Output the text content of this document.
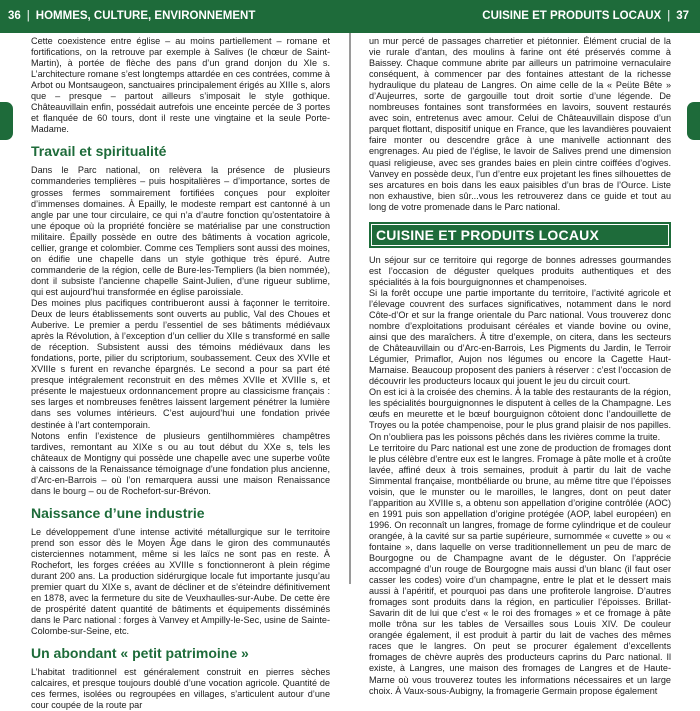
36 | HOMMES, CULTURE, ENVIRONNEMENT	CUISINE ET PRODUITS LOCAUX | 37

Cette coexistence entre église – au moins partiellement – romane et fortifications, on la retrouve par exemple à Salives (le chœur de Saint-Martin), à portée de flèche des pans d’un grand donjon du XIe s. L’architecture romane s’est longtemps attardée en ces contrées, comme à Arbot ou Montsaugeon, sanctuaires principalement érigés au XIIIe s, alors que – presque – partout ailleurs s’imposait le style gothique. Châteauvillain enfin, possédait autrefois une enceinte percée de 3 portes et flanquée de 60 tours, dont il reste une vingtaine et la seule Porte-Madame.

Travail et spiritualité

Dans le Parc national, on relèvera la présence de plusieurs commanderies templières – puis hospitalières – d’importance, sortes de grosses fermes sommairement fortifiées conçues pour exploiter d’immenses domaines. À Epailly, le modeste rempart est cantonné à un angle par une tour circulaire, ce qui n’a d’autre fonction qu’ostentatoire à une époque où la propriété foncière se matérialise par une construction militaire. Épailly possède en outre des bâtiments à vocation agricole, cellier, grange et colombier. Comme ces Templiers sont aussi des moines, on édifie une chapelle dans un style gothique très épuré. Autre commanderie de la région, celle de Bure-les-Templiers (la bien nommée), dont il subsiste l’ancienne chapelle Saint-Julien, d’une rigueur sublime, qui est aujourd’hui transformée en église paroissiale.

Des moines plus pacifiques contribueront aussi à façonner le territoire. Deux de leurs établissements sont ouverts au public, Val des Choues et Auberive. Le premier a perdu l’essentiel de ses bâtiments médiévaux après la Révolution, à l’exception d’un cellier du XIIe s transformé en salle de réception. Subsistent aussi des témoins médiévaux dans les fondations, porte, pilier du scriptorium, soubassement. Ceux des XVIIe et XVIIIe s furent en revanche épargnés. Le second a pour sa part été presque intégralement reconstruit en des mêmes XVIIe et XVIIIe s, et présente le majestueux ordonnancement propre au classicisme français : ses larges et nombreuses fenêtres laissent largement pénétrer la lumière dans ses volumes intérieurs. C’est aujourd’hui une fondation privée destinée à l’art contemporain.

Notons enfin l’existence de plusieurs gentilhommières champêtres tardives, remontant au XIXe s ou au tout début du XXe s, tels les châteaux de Montigny qui possède une chapelle avec une superbe voûte à caissons de la Renaissance témoignage d’une fondation plus ancienne, d’Arc-en-Barrois – où l’on remarquera aussi une maison Renaissance dans le bourg – ou de Rochefort-sur-Brévon.

Naissance d’une industrie

Le développement d’une intense activité métallurgique sur le territoire prend son essor dès le Moyen Âge dans le giron des communautés cisterciennes notamment, même si les laïcs ne sont pas en reste. À Rochefort, les forges créées au XVIIIe s fonctionneront à plein régime durant 200 ans. La production sidérurgique locale fut importante jusqu’au premier quart du XIXe s, avant de décliner et de s’éteindre définitivement en 1878, avec la fermeture du site de Veuxhaulles-sur-Aube. De cette ère de prospérité datent quantité de bâtiments et équipements disséminés dans le Parc national : forges à Vanvey et Ampilly-le-Sec, usine de Sainte-Colombe-sur-Seine, etc.

Un abondant « petit patrimoine »

L’habitat traditionnel est généralement construit en pierres sèches calcaires, et presque toujours doublé d’une vocation agricole. Quantité de ces fermes, isolées ou regroupées en villages, s’articulent autour d’une cour coupée de la route par

un mur percé de passages charretier et piétonnier. Élément crucial de la vie rurale d’antan, des moulins à farine ont été préservés comme à Baissey. Chaque commune abrite par ailleurs un patrimoine vernaculaire conséquent, à commencer par des fontaines attestant de la richesse hydraulique du plateau de Langres. On aime celle de la « Peüte Bête » d’Aujeurres, sorte de gargouille tout droit sortie d’une légende. De nombreuses fontaines sont transformées en lavoirs, souvent restaurés avec soin, entretenus avec amour. Celui de Châteauvillain dispose d’un parquet flottant, dispositif unique en France, que les lavandières pouvaient faire monter ou descendre grâce à une manivelle actionnant des engrenages. Au pied de l’église, le lavoir de Salives prend une dimension quasi religieuse, avec ses grandes baies en plein cintre coiffées d’ogives. Vanvey en possède deux, l’un d’entre eux projetant les fines silhouettes de ses arcatures en bois dans les eaux paisibles d’un bras de l’Ource. Liste non exhaustive, bien sûr...vous les retrouverez dans ce guide et tout au long de votre promenade dans le Parc national.

CUISINE ET PRODUITS LOCAUX

Un séjour sur ce territoire qui regorge de bonnes adresses gourmandes est l’occasion de déguster quelques produits authentiques et des spécialités à la fois bourguignonnes et champenoises.

Si la forêt occupe une partie importante du territoire, l’activité agricole et l’élevage couvrent des surfaces significatives, notamment dans le nord Côte-d’Or et sur la frange orientale du Parc national. Vous trouverez donc nombre d’exploitations produisant céréales et viande bovine ou ovine, ainsi que des maraîchers. À titre d’exemple, on citera, dans les secteurs de Châteauvillain ou d’Arc-en-Barrois, Les Pigments du Jardin, le Terroir Légumier, Primaflor, Aujon nos légumes ou encore la Cagette Haut-Marnaise. Beaucoup proposent des paniers à réserver : c’est l’occasion de découvrir les producteurs locaux qui jouent le jeu du circuit court.

On est ici à la croisée des chemins. À la table des restaurants de la région, les spécialités bourguignonnes le disputent à celles de la Champagne. Les œufs en meurette et le bœuf bourguignon côtoient donc l’andouillette de Troyes ou la potée champenoise, pour le plus grand plaisir de nos papilles. On n’oubliera pas les poissons pêchés dans les rivières comme la truite.

Le territoire du Parc national est une zone de production de fromages dont le plus célèbre d’entre eux est le langres. Fromage à pâte molle et à croûte lavée, affiné deux à trois semaines, produit à partir du lait de vache Simmental française, montbéliarde ou brune, au même titre que l’époisses voisin, que le munster ou le maroilles, le langres, dont on peut dater l’apparition au XVIIIe s, a obtenu son appellation d’origine contrôlée (AOC) en 1991 puis son appellation d’origine protégée (AOP, label européen) en 1996. On reconnaît un langres, fromage de forme cylindrique et de couleur orangée, à la cavité sur sa partie supérieure, surnommée « cuvette » ou « fontaine », dans laquelle on verse traditionnellement un peu de marc de Bourgogne ou de Champagne avant de le déguster. On l’apprécie accompagné d’un rouge de Bourgogne mais aussi d’un blanc (il faut oser casser les codes) voire d’un champagne, entre le plat et le dessert mais aussi à l’apéritif, et pourquoi pas dans une profiterole langroise. D’autres fromages sont produits dans la région, en particulier l’époisses. Brillat-Savarin dit de lui que c’est « le roi des fromages » et ce fromage à pâte molle trôna sur les tables de Versailles sous Louis XIV. De couleur orangée également, il est produit à partir du lait de vaches des mêmes races que le langres. On peut se procurer également d’excellents fromages de chèvre auprès des producteurs caprins du Parc national. Il existe, à Langres, une maison des fromages de Langres et de Haute-Marne où vous trouverez toutes les informations nécessaires et un large choix. À Vaux-sous-Aubigny, la fromagerie Germain propose également
